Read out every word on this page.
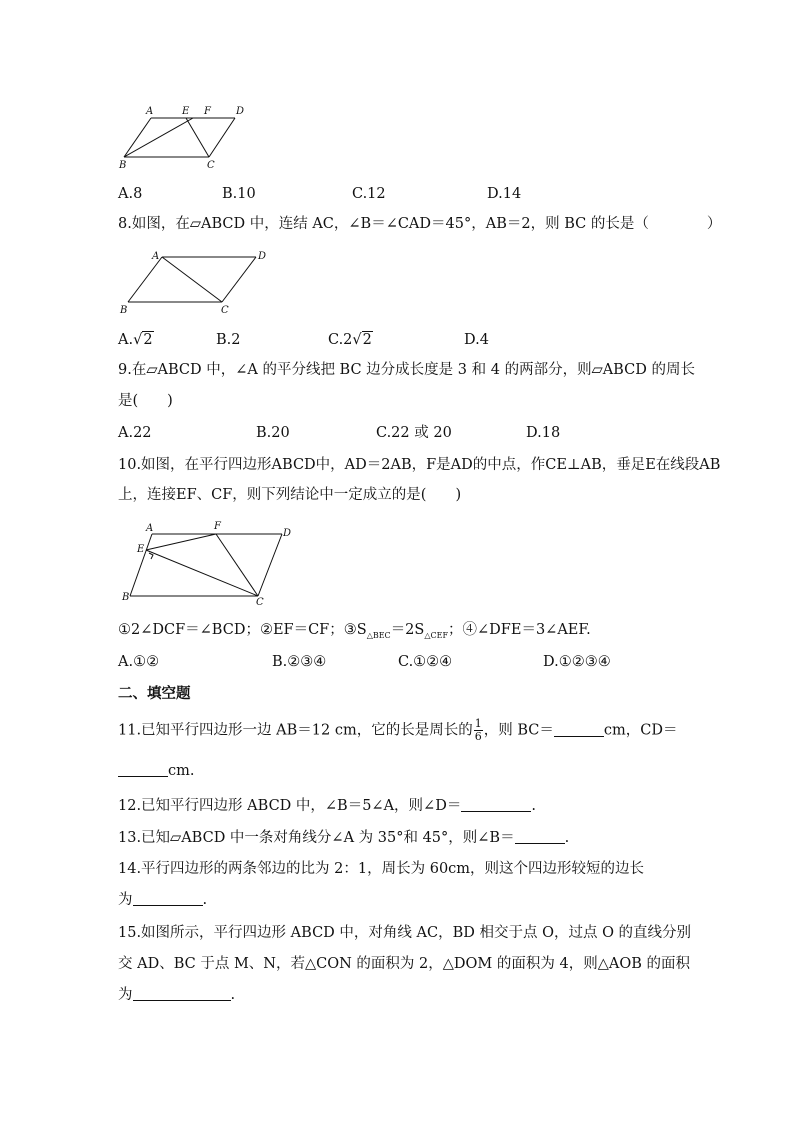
A	E F	D
B	C
A.8	B.10	C.12	D.14
8.如图，在▱ABCD 中，连结 AC，∠B＝∠CAD＝45°，AB＝2，则 BC 的长是（　　　　）
A	D
B	C
A.√2	B.2	C.2√2	D.4
9.在▱ABCD 中，∠A 的平分线把 BC 边分成长度是 3 和 4 的两部分，则▱ABCD 的周长
是(　　)
A.22	B.20	C.22 或 20	D.18
10.如图，在平行四边形ABCD中，AD＝2AB，F是AD的中点，作CE⊥AB，垂足E在线段AB
上，连接EF、CF，则下列结论中一定成立的是(　　)
A	F
D
E
B	C
①2∠DCF＝∠BCD；②EF＝CF；$③S_{\triangle BEC}=2S_{\triangle CEF}$；④∠DFE＝3∠AEF.
A.①②	B.②③④	C.①②④	D.①②③④
二、填空题
11.已知平行四边形一边 AB＝12 cm，它的长是周长的 $\frac{1}{6}$ ，则 BC＝	cm，CD＝
cm.
12.已知平行四边形 ABCD 中，∠B＝5∠A，则∠D＝	.
13.已知▱ABCD 中一条对角线分∠A 为 35°和 45°，则∠B＝	.
14.平行四边形的两条邻边的比为 2：1，周长为 60cm，则这个四边形较短的边长
为	.
15.如图所示，平行四边形 ABCD 中，对角线 AC，BD 相交于点 O，过点 O 的直线分别
交 AD、BC 于点 M、N，若△CON 的面积为 2，△DOM 的面积为 4，则△AOB 的面积
为	.
